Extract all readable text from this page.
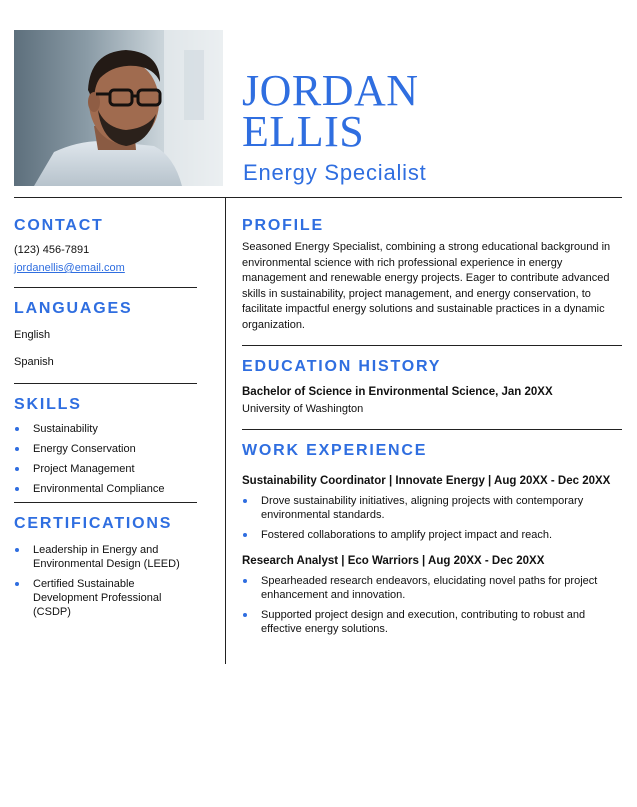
JORDAN
ELLIS
Energy Specialist
CONTACT
(123) 456-7891
jordanellis@email.com
LANGUAGES
English
Spanish
SKILLS
Sustainability
Energy Conservation
Project Management
Environmental Compliance
CERTIFICATIONS
Leadership in Energy and Environmental Design (LEED)
Certified Sustainable Development Professional (CSDP)
PROFILE
Seasoned Energy Specialist, combining a strong educational background in environmental science with rich professional experience in energy management and renewable energy projects. Eager to contribute advanced skills in sustainability, project management, and energy conservation, to facilitate impactful energy solutions and sustainable practices in a dynamic organization.
EDUCATION HISTORY
Bachelor of Science in Environmental Science, Jan 20XX
University of Washington
WORK EXPERIENCE
Sustainability Coordinator | Innovate Energy | Aug 20XX - Dec 20XX
Drove sustainability initiatives, aligning projects with contemporary environmental standards.
Fostered collaborations to amplify project impact and reach.
Research Analyst | Eco Warriors | Aug 20XX - Dec 20XX
Spearheaded research endeavors, elucidating novel paths for project enhancement and innovation.
Supported project design and execution, contributing to robust and effective energy solutions.
